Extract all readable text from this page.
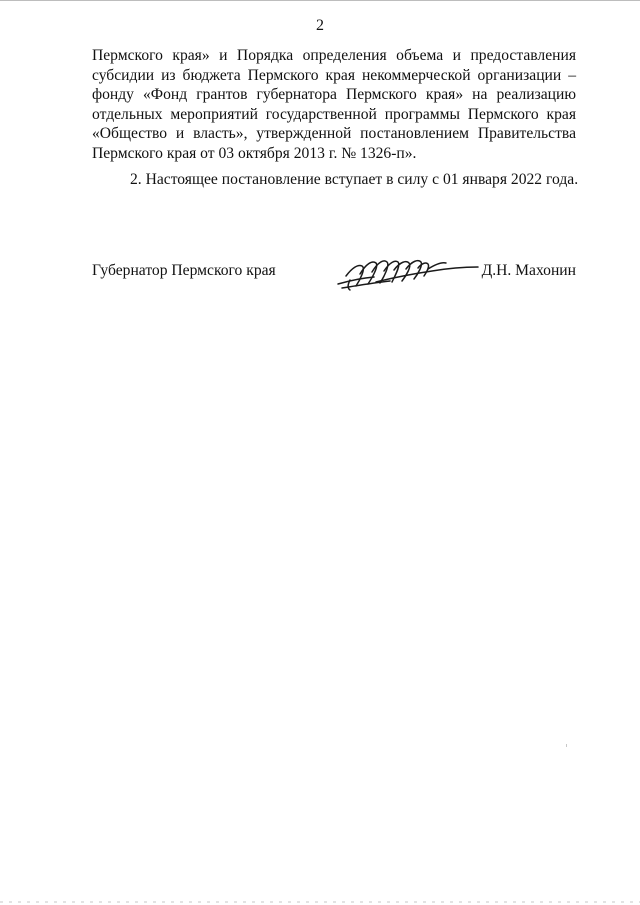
2
Пермского края» и Порядка определения объема и предоставления
субсидии из бюджета Пермского края некоммерческой организации –
фонду «Фонд грантов губернатора Пермского края» на реализацию
отдельных мероприятий государственной программы Пермского края
«Общество и власть», утвержденной постановлением Правительства
Пермского края от 03 октября 2013 г. № 1326-п».
2. Настоящее постановление вступает в силу с 01 января 2022 года.
Губернатор Пермского края	Д.Н. Махонин
